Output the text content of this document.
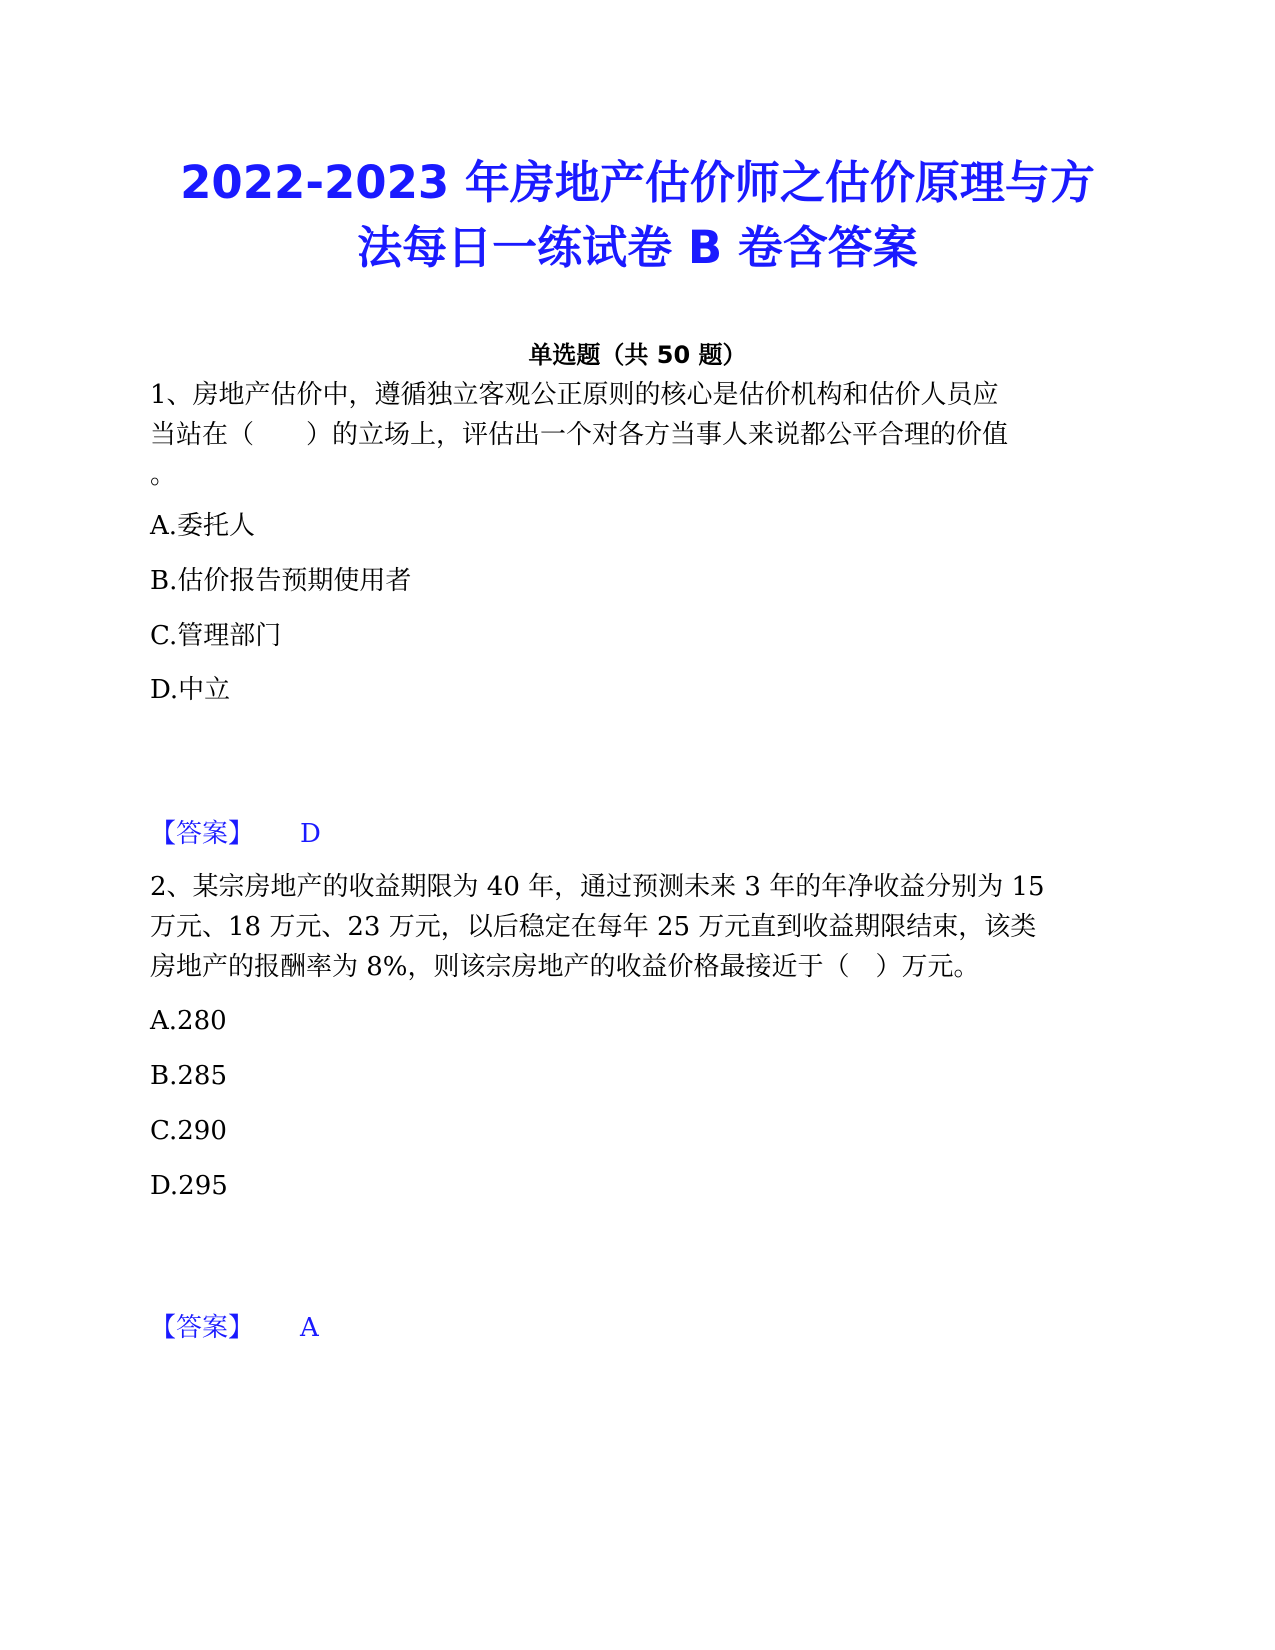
2022-2023 年房地产估价师之估价原理与方
法每日一练试卷 B 卷含答案
单选题（共 50 题）
1、房地产估价中，遵循独立客观公正原则的核心是估价机构和估价人员应
当站在（　　）的立场上，评估出一个对各方当事人来说都公平合理的价值
。
A.委托人
B.估价报告预期使用者
C.管理部门
D.中立
【答案】 D
2、某宗房地产的收益期限为 40 年，通过预测未来 3 年的年净收益分别为 15
万元、18 万元、23 万元，以后稳定在每年 25 万元直到收益期限结束，该类
房地产的报酬率为 8%，则该宗房地产的收益价格最接近于（　）万元。
A.280
B.285
C.290
D.295
【答案】 A
